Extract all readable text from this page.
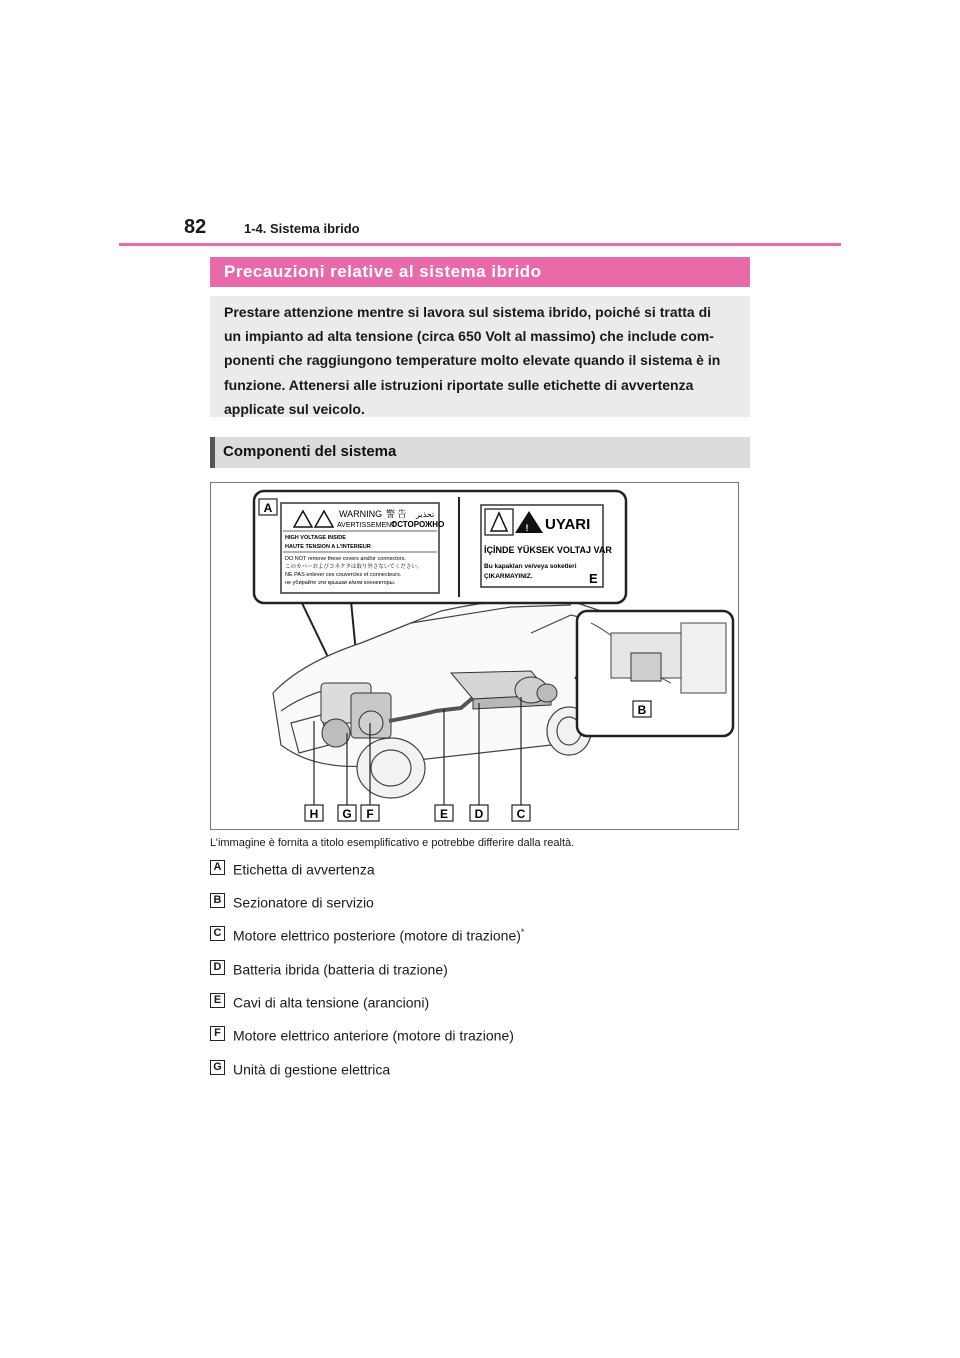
82	1-4. Sistema ibrido
Precauzioni relative al sistema ibrido

Prestare attenzione mentre si lavora sul sistema ibrido, poiché si tratta di

un impianto ad alta tensione (circa 650 Volt al massimo) che include com-

ponenti che raggiungono temperature molto elevate quando il sistema è in

funzione. Attenersi alle istruzioni riportate sulle etichette di avvertenza

applicate sul veicolo.

Componenti del sistema
WARNING 警 告 تحذير
AVERTISSEMENT
ОСТОРОЖНО
HIGH VOLTAGE INSIDE
HAUTE TENSION A L'INTERIEUR
DO NOT remove these covers and/or connectors.
このカバーおよびコネクタは取り外さないでください。
NE PAS enlever ces couvercles et connecteurs.
не убирайте эти крышки и/или коннекторы.
! UYARI
İÇİNDE YÜKSEK VOLTAJ VAR
Bu kapakları ve/veya soketleri
ÇIKARMAYINIZ.	E
A
B
H G F	E D	C
L’immagine è fornita a titolo esemplificativo e potrebbe differire dalla realtà.
A Etichetta di avvertenza
B Sezionatore di servizio
C Motore elettrico posteriore (motore di trazione)*
D Batteria ibrida (batteria di trazione)
E Cavi di alta tensione (arancioni)
F Motore elettrico anteriore (motore di trazione)
G Unità di gestione elettrica
